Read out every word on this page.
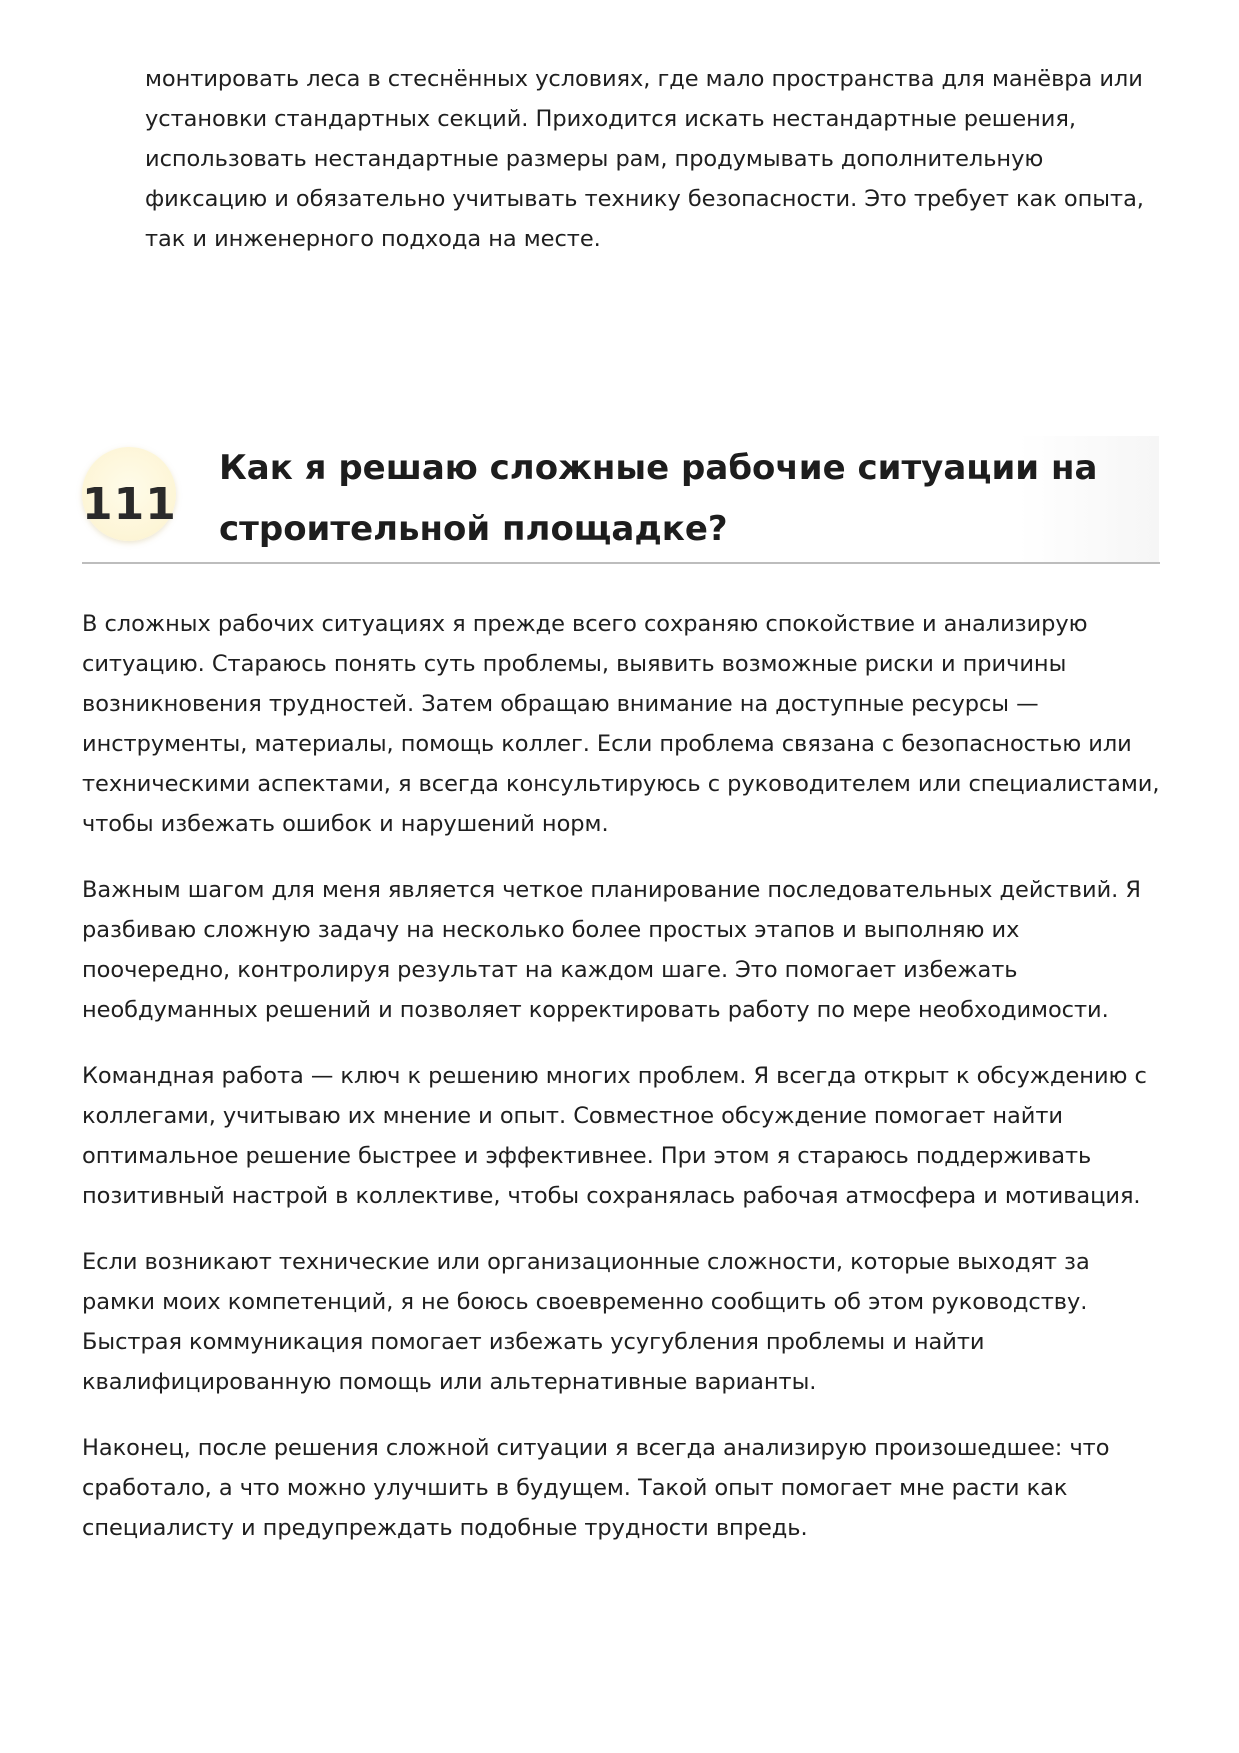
монтировать леса в стеснённых условиях, где мало пространства для манёвра или установки стандартных секций. Приходится искать нестандартные решения, использовать нестандартные размеры рам, продумывать дополнительную фиксацию и обязательно учитывать технику безопасности. Это требует как опыта, так и инженерного подхода на месте.

111
Как я решаю сложные рабочие ситуации на строительной площадке?

В сложных рабочих ситуациях я прежде всего сохраняю спокойствие и анализирую ситуацию. Стараюсь понять суть проблемы, выявить возможные риски и причины возникновения трудностей. Затем обращаю внимание на доступные ресурсы — инструменты, материалы, помощь коллег. Если проблема связана с безопасностью или техническими аспектами, я всегда консультируюсь с руководителем или специалистами, чтобы избежать ошибок и нарушений норм.

Важным шагом для меня является четкое планирование последовательных действий. Я разбиваю сложную задачу на несколько более простых этапов и выполняю их поочередно, контролируя результат на каждом шаге. Это помогает избежать необдуманных решений и позволяет корректировать работу по мере необходимости.

Командная работа — ключ к решению многих проблем. Я всегда открыт к обсуждению с коллегами, учитываю их мнение и опыт. Совместное обсуждение помогает найти оптимальное решение быстрее и эффективнее. При этом я стараюсь поддерживать позитивный настрой в коллективе, чтобы сохранялась рабочая атмосфера и мотивация.

Если возникают технические или организационные сложности, которые выходят за рамки моих компетенций, я не боюсь своевременно сообщить об этом руководству. Быстрая коммуникация помогает избежать усугубления проблемы и найти квалифицированную помощь или альтернативные варианты.

Наконец, после решения сложной ситуации я всегда анализирую произошедшее: что сработало, а что можно улучшить в будущем. Такой опыт помогает мне расти как специалисту и предупреждать подобные трудности впредь.
